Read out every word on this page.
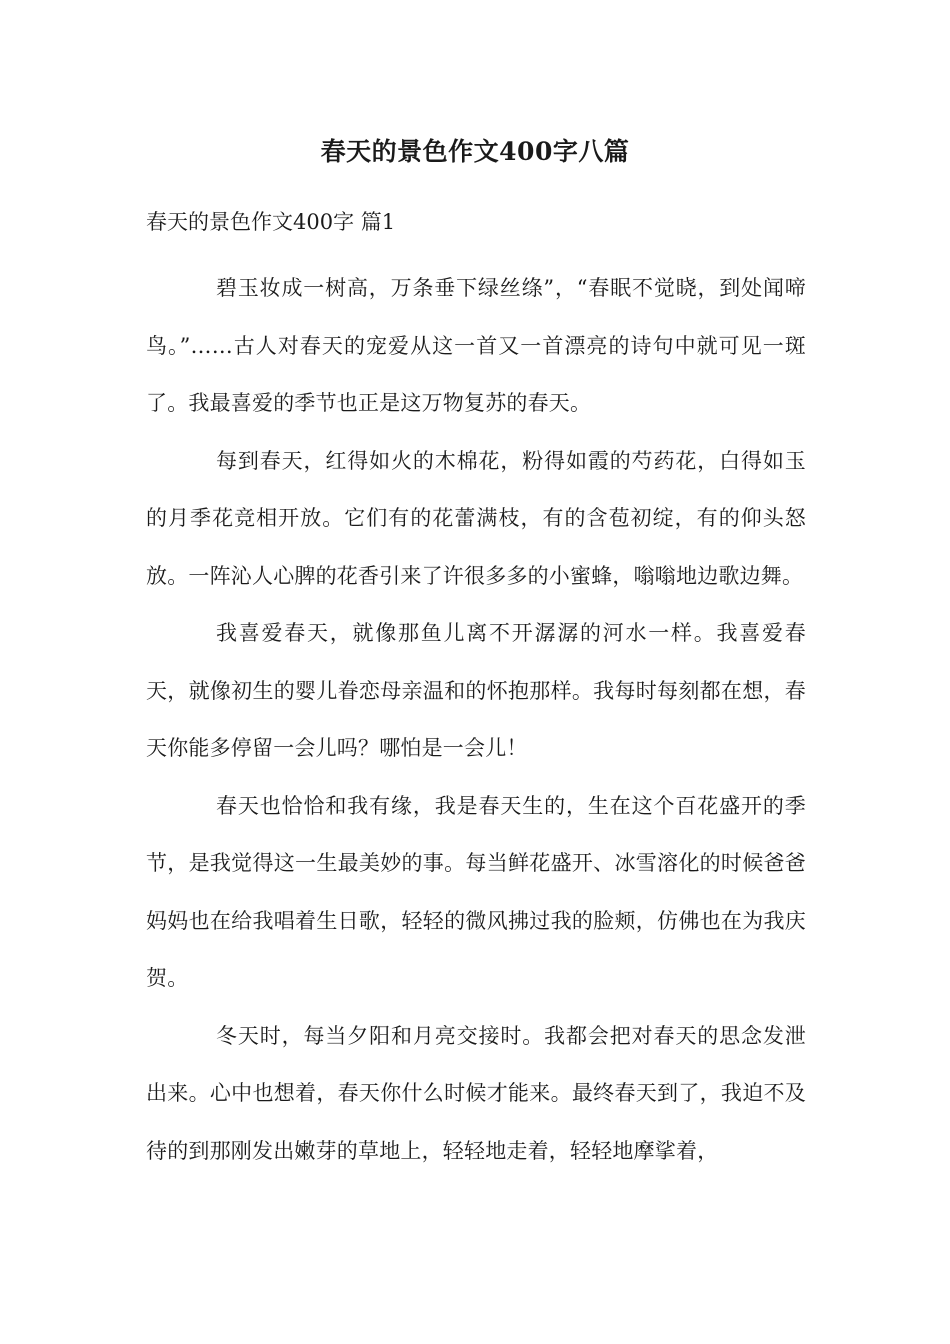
春天的景色作文400字八篇
春天的景色作文400字 篇1

碧玉妆成一树高，万条垂下绿丝绦”，“春眠不觉晓，到处闻啼鸟。”……古人对春天的宠爱从这一首又一首漂亮的诗句中就可见一斑了。我最喜爱的季节也正是这万物复苏的春天。

每到春天，红得如火的木棉花，粉得如霞的芍药花，白得如玉的月季花竞相开放。它们有的花蕾满枝，有的含苞初绽，有的仰头怒放。一阵沁人心脾的花香引来了许很多多的小蜜蜂，嗡嗡地边歌边舞。

我喜爱春天，就像那鱼儿离不开潺潺的河水一样。我喜爱春天，就像初生的婴儿眷恋母亲温和的怀抱那样。我每时每刻都在想，春天你能多停留一会儿吗？哪怕是一会儿！

春天也恰恰和我有缘，我是春天生的，生在这个百花盛开的季节，是我觉得这一生最美妙的事。每当鲜花盛开、冰雪溶化的时候爸爸妈妈也在给我唱着生日歌，轻轻的微风拂过我的脸颊，仿佛也在为我庆贺。

冬天时，每当夕阳和月亮交接时。我都会把对春天的思念发泄出来。心中也想着，春天你什么时候才能来。最终春天到了，我迫不及待的到那刚发出嫩芽的草地上，轻轻地走着，轻轻地摩挲着，
